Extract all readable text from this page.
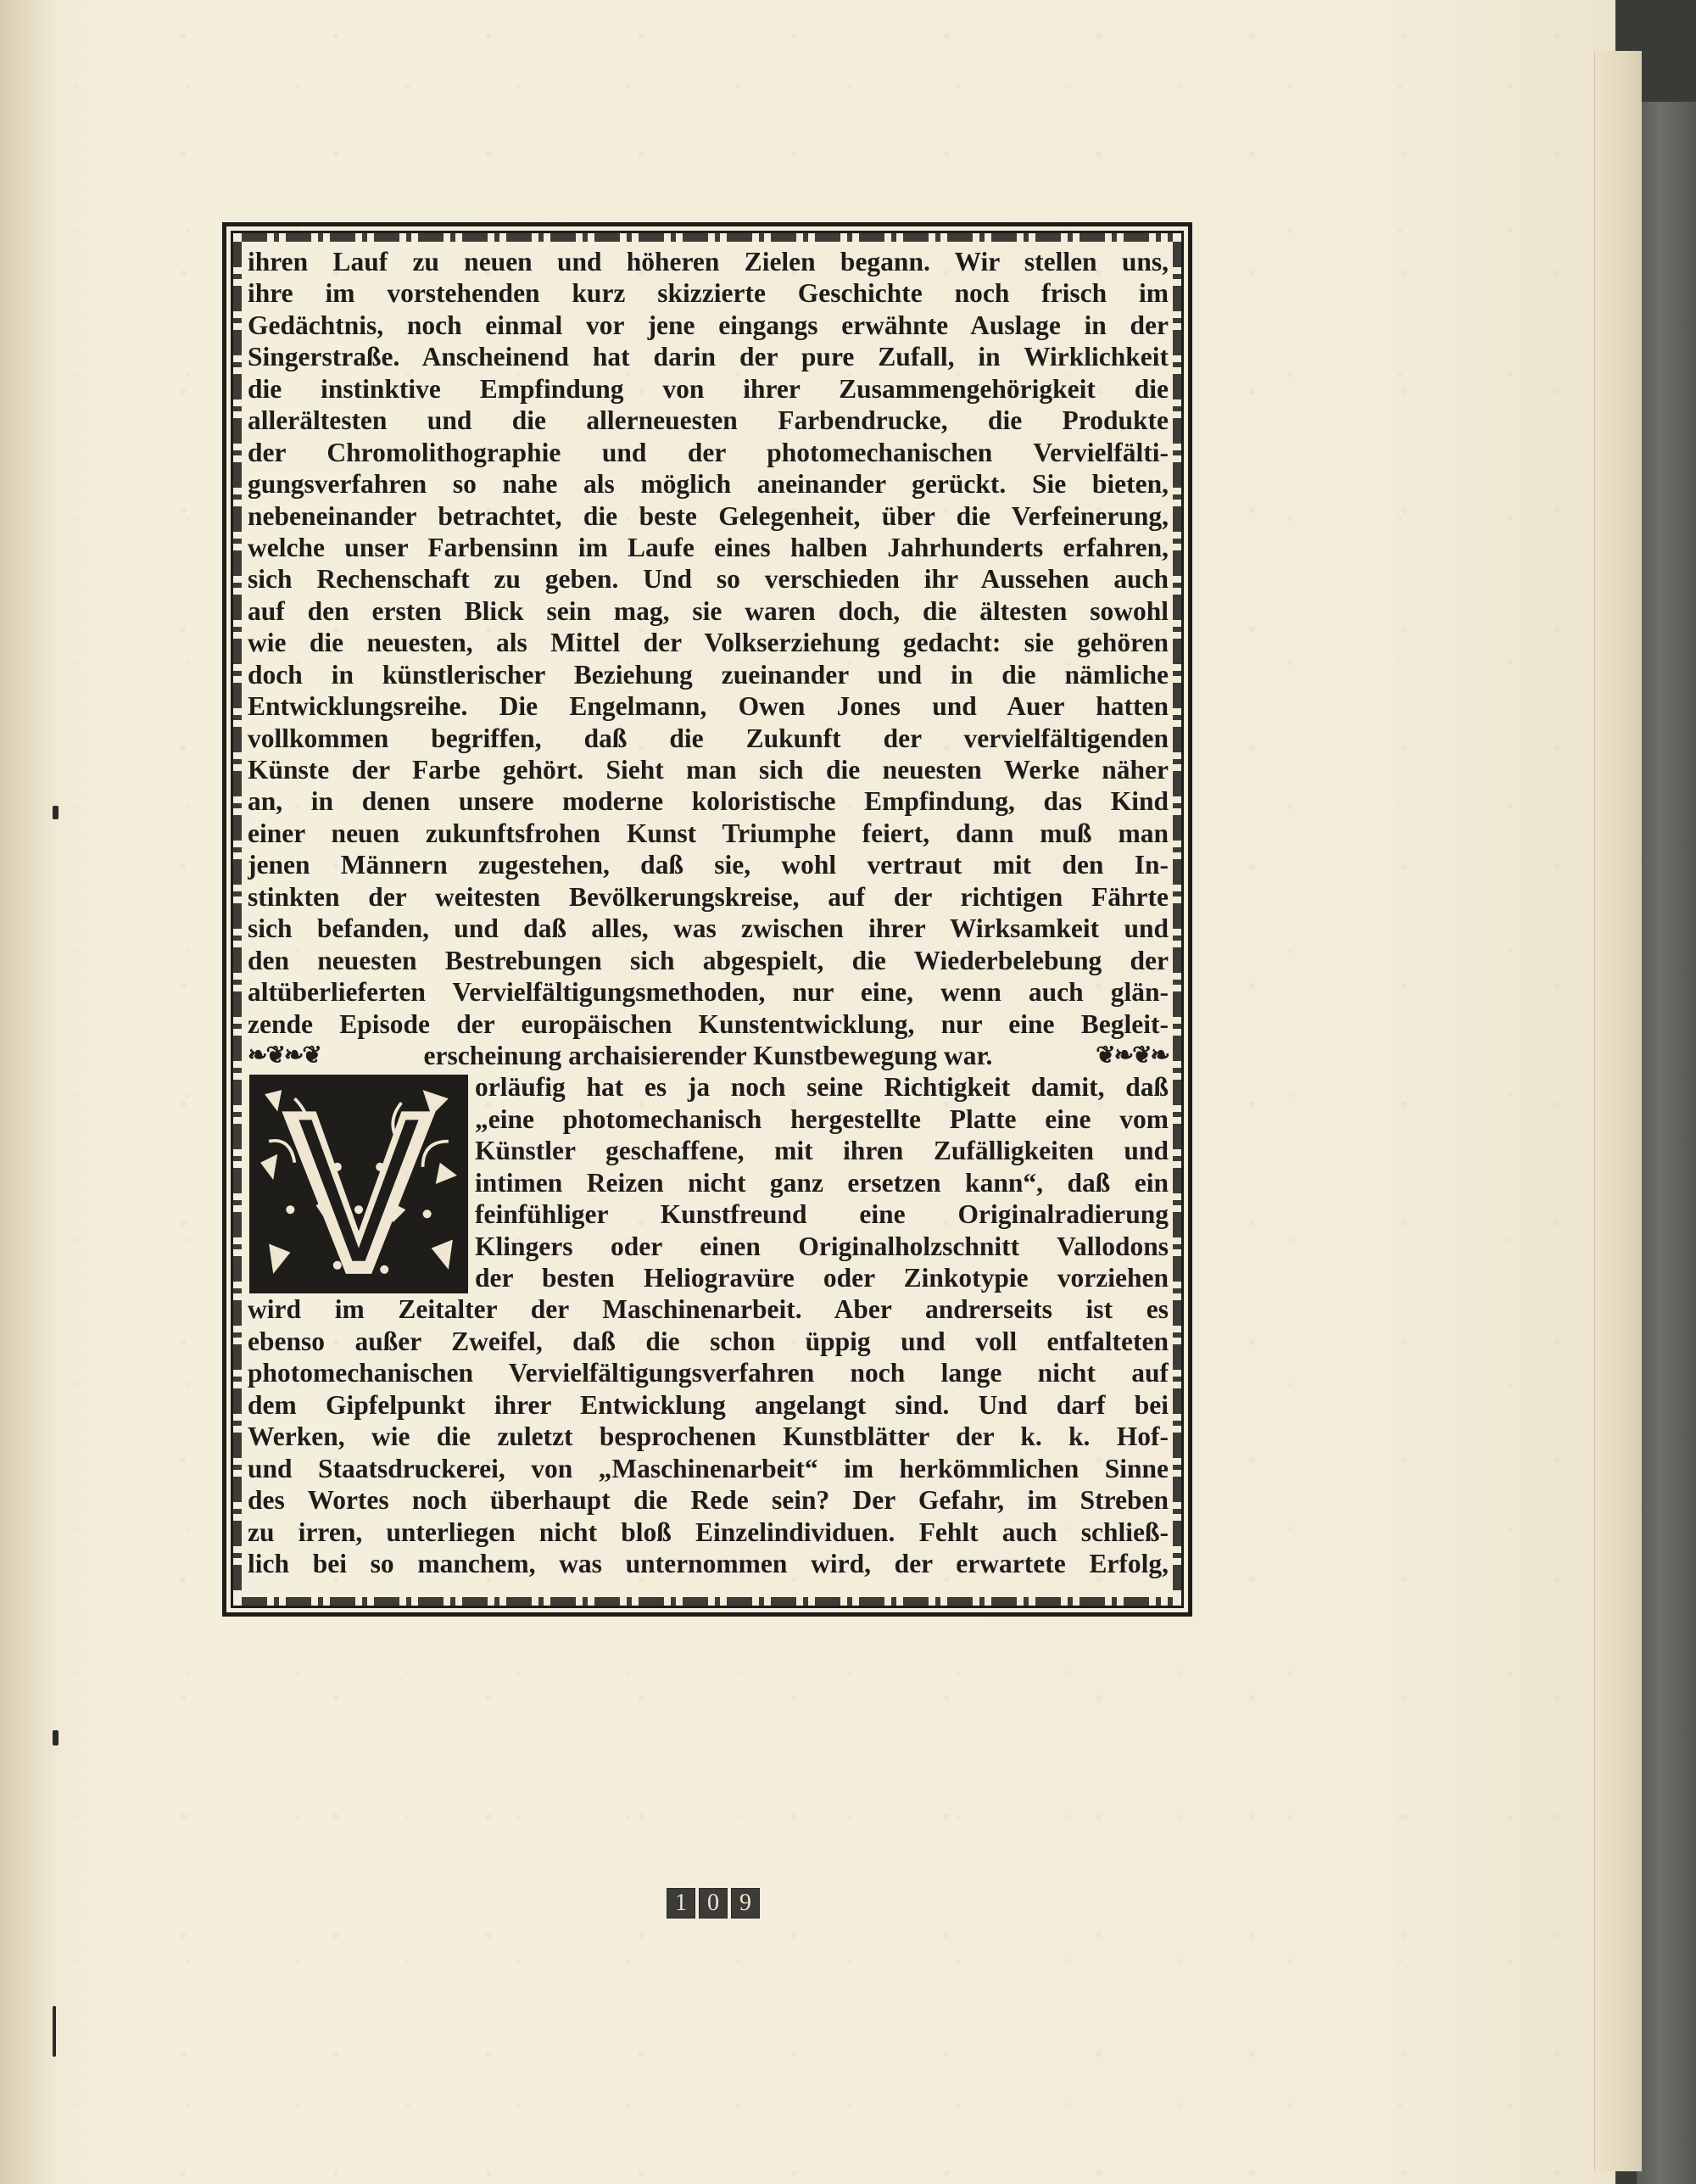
ihren Lauf zu neuen und höheren Zielen begann. Wir stellen uns,
ihre im vorstehenden kurz skizzierte Geschichte noch frisch im
Gedächtnis, noch einmal vor jene eingangs erwähnte Auslage in der
Singerstraße. Anscheinend hat darin der pure Zufall, in Wirklichkeit
die instinktive Empfindung von ihrer Zusammengehörigkeit die
allerältesten und die allerneuesten Farbendrucke, die Produkte
der Chromolithographie und der photomechanischen Vervielfälti-
gungsverfahren so nahe als möglich aneinander gerückt. Sie bieten,
nebeneinander betrachtet, die beste Gelegenheit, über die Verfeinerung,
welche unser Farbensinn im Laufe eines halben Jahrhunderts erfahren,
sich Rechenschaft zu geben. Und so verschieden ihr Aussehen auch
auf den ersten Blick sein mag, sie waren doch, die ältesten sowohl
wie die neuesten, als Mittel der Volkserziehung gedacht: sie gehören
doch in künstlerischer Beziehung zueinander und in die nämliche
Entwicklungsreihe. Die Engelmann, Owen Jones und Auer hatten
vollkommen begriffen, daß die Zukunft der vervielfältigenden
Künste der Farbe gehört. Sieht man sich die neuesten Werke näher
an, in denen unsere moderne koloristische Empfindung, das Kind
einer neuen zukunftsfrohen Kunst Triumphe feiert, dann muß man
jenen Männern zugestehen, daß sie, wohl vertraut mit den In-
stinkten der weitesten Bevölkerungskreise, auf der richtigen Fährte
sich befanden, und daß alles, was zwischen ihrer Wirksamkeit und
den neuesten Bestrebungen sich abgespielt, die Wiederbelebung der
altüberlieferten Vervielfältigungsmethoden, nur eine, wenn auch glän-
zende Episode der europäischen Kunstentwicklung, nur eine Begleit-
❧❦❧❦	erscheinung archaisierender Kunstbewegung war.	❦❧❦❧
orläufig hat es ja noch seine Richtigkeit damit, daß
„eine photomechanisch hergestellte Platte eine vom
Künstler geschaffene, mit ihren Zufälligkeiten und
intimen Reizen nicht ganz ersetzen kann“, daß ein
feinfühliger Kunstfreund eine Originalradierung
Klingers oder einen Originalholzschnitt Vallodons
der besten Heliogravüre oder Zinkotypie vorziehen
wird im Zeitalter der Maschinenarbeit. Aber andrerseits ist es
ebenso außer Zweifel, daß die schon üppig und voll entfalteten
photomechanischen Vervielfältigungsverfahren noch lange nicht auf
dem Gipfelpunkt ihrer Entwicklung angelangt sind. Und darf bei
Werken, wie die zuletzt besprochenen Kunstblätter der k. k. Hof-
und Staatsdruckerei, von „Maschinenarbeit“ im herkömmlichen Sinne
des Wortes noch überhaupt die Rede sein? Der Gefahr, im Streben
zu irren, unterliegen nicht bloß Einzelindividuen. Fehlt auch schließ-
lich bei so manchem, was unternommen wird, der erwartete Erfolg,
1 0 9
